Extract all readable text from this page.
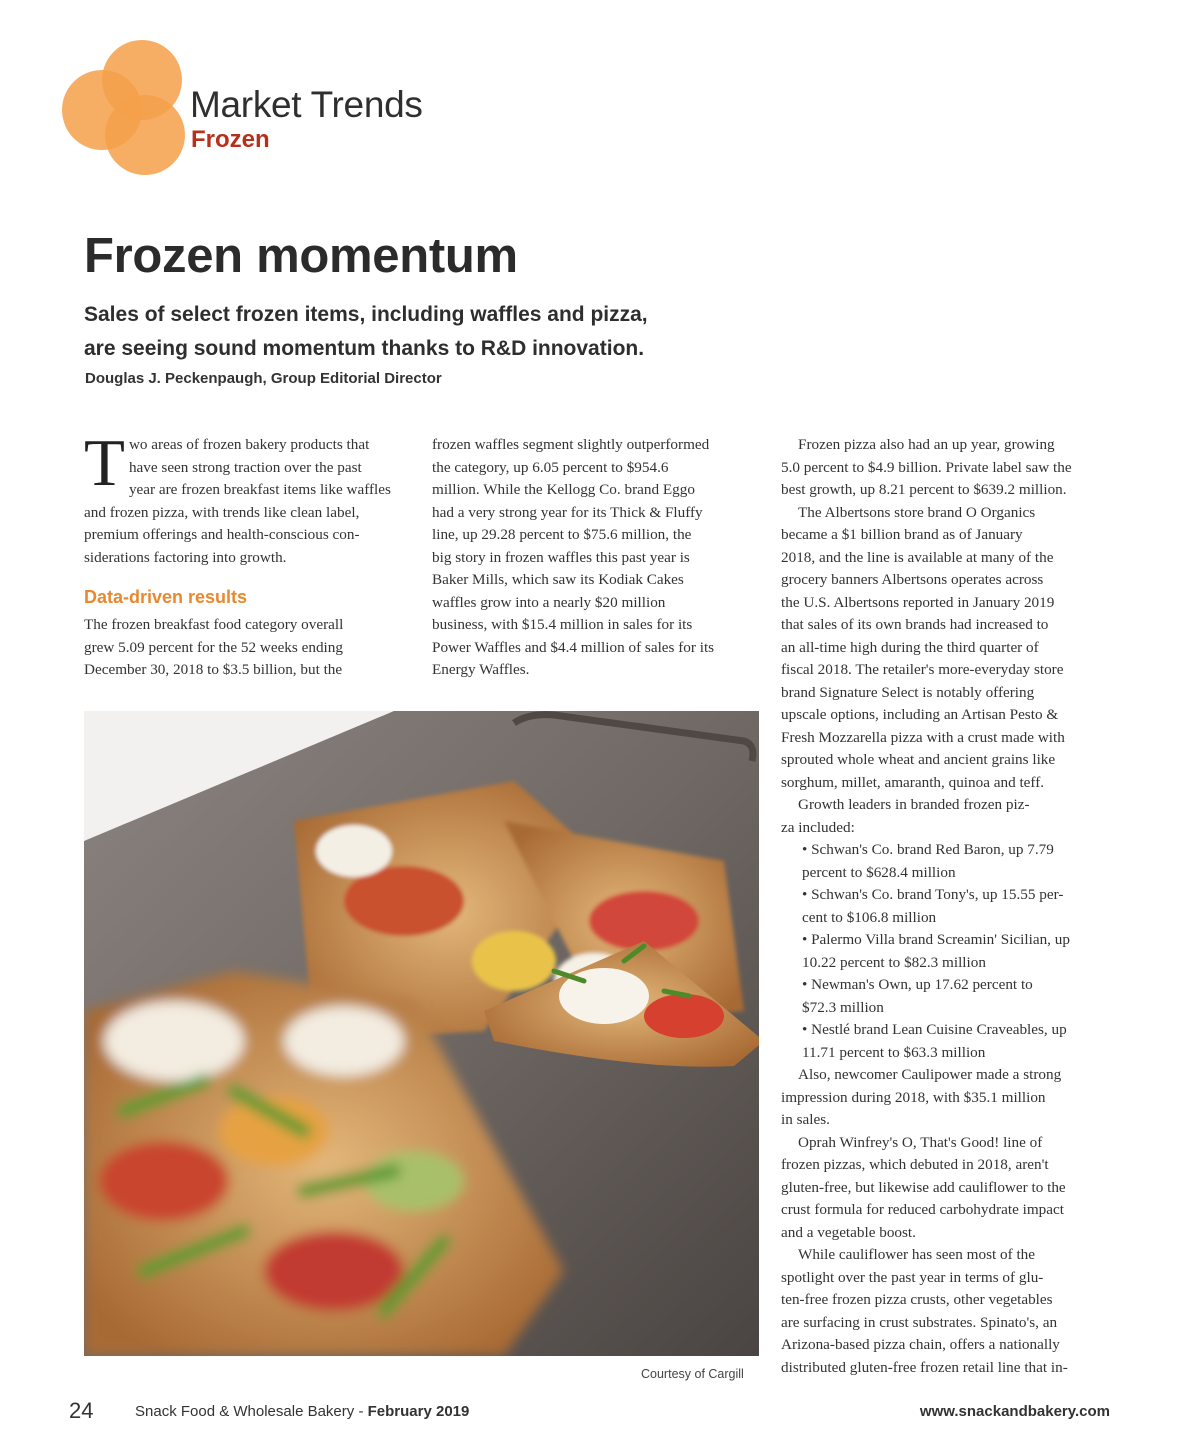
Market Trends
Frozen
Frozen momentum
Sales of select frozen items, including waffles and pizza,
are seeing sound momentum thanks to R&D innovation.
Douglas J. Peckenpaugh, Group Editorial Director

T wo areas of frozen bakery products that
have seen strong traction over the past
year are frozen breakfast items like waffles
and frozen pizza, with trends like clean label,
premium offerings and health-conscious con-
siderations factoring into growth.

Data-driven results

The frozen breakfast food category overall
grew 5.09 percent for the 52 weeks ending
December 30, 2018 to $3.5 billion, but the

frozen waffles segment slightly outperformed
the category, up 6.05 percent to $954.6
million. While the Kellogg Co. brand Eggo
had a very strong year for its Thick & Fluffy
line, up 29.28 percent to $75.6 million, the
big story in frozen waffles this past year is
Baker Mills, which saw its Kodiak Cakes
waffles grow into a nearly $20 million
business, with $15.4 million in sales for its
Power Waffles and $4.4 million of sales for its
Energy Waffles.

Courtesy of Cargill

Frozen pizza also had an up year, growing
5.0 percent to $4.9 billion. Private label saw the
best growth, up 8.21 percent to $639.2 million.

The Albertsons store brand O Organics
became a $1 billion brand as of January
2018, and the line is available at many of the
grocery banners Albertsons operates across
the U.S. Albertsons reported in January 2019
that sales of its own brands had increased to
an all-time high during the third quarter of
fiscal 2018. The retailer's more-everyday store
brand Signature Select is notably offering
upscale options, including an Artisan Pesto &
Fresh Mozzarella pizza with a crust made with
sprouted whole wheat and ancient grains like
sorghum, millet, amaranth, quinoa and teff.

Growth leaders in branded frozen piz-
za included:

• Schwan's Co. brand Red Baron, up 7.79
percent to $628.4 million
• Schwan's Co. brand Tony's, up 15.55 per-
cent to $106.8 million
• Palermo Villa brand Screamin' Sicilian, up
10.22 percent to $82.3 million
• Newman's Own, up 17.62 percent to
$72.3 million
• Nestlé brand Lean Cuisine Craveables, up
11.71 percent to $63.3 million

Also, newcomer Caulipower made a strong
impression during 2018, with $35.1 million
in sales.

Oprah Winfrey's O, That's Good! line of
frozen pizzas, which debuted in 2018, aren't
gluten-free, but likewise add cauliflower to the
crust formula for reduced carbohydrate impact
and a vegetable boost.

While cauliflower has seen most of the
spotlight over the past year in terms of glu-
ten-free frozen pizza crusts, other vegetables
are surfacing in crust substrates. Spinato's, an
Arizona-based pizza chain, offers a nationally
distributed gluten-free frozen retail line that in-

24	Snack Food & Wholesale Bakery - February 2019	www.snackandbakery.com
